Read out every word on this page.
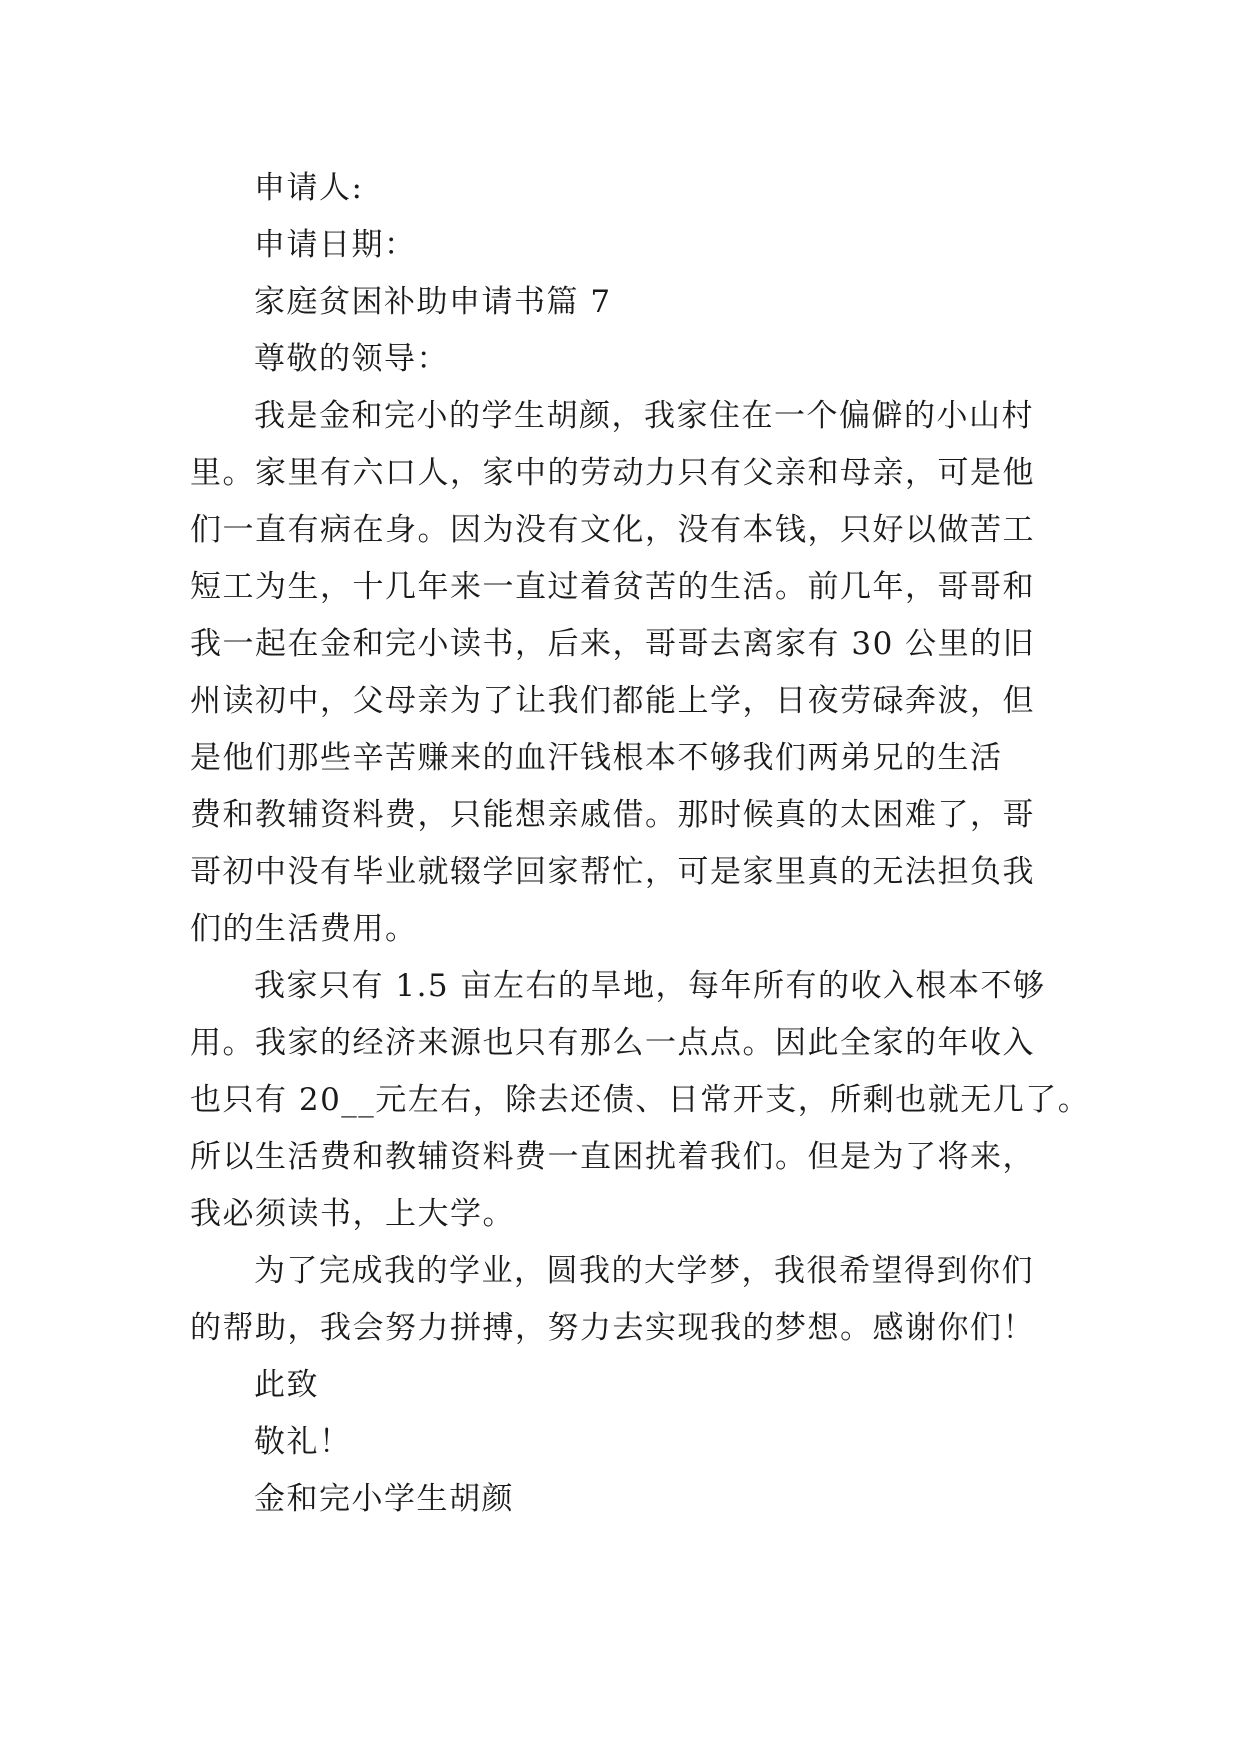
申请人:

申请日期：

家庭贫困补助申请书篇 7

尊敬的领导：

我是金和完小的学生胡颜，我家住在一个偏僻的小山村
里。家里有六口人，家中的劳动力只有父亲和母亲，可是他
们一直有病在身。因为没有文化，没有本钱，只好以做苦工
短工为生，十几年来一直过着贫苦的生活。前几年，哥哥和
我一起在金和完小读书，后来，哥哥去离家有 30 公里的旧
州读初中，父母亲为了让我们都能上学，日夜劳碌奔波，但
是他们那些辛苦赚来的血汗钱根本不够我们两弟兄的生活
费和教辅资料费，只能想亲戚借。那时候真的太困难了，哥
哥初中没有毕业就辍学回家帮忙，可是家里真的无法担负我
们的生活费用。
我家只有 1.5 亩左右的旱地，每年所有的收入根本不够
用。我家的经济来源也只有那么一点点。因此全家的年收入
也只有 20__元左右，除去还债、日常开支，所剩也就无几了。
所以生活费和教辅资料费一直困扰着我们。但是为了将来，
我必须读书，上大学。
为了完成我的学业，圆我的大学梦，我很希望得到你们
的帮助，我会努力拼搏，努力去实现我的梦想。感谢你们！

此致

敬礼！

金和完小学生胡颜
